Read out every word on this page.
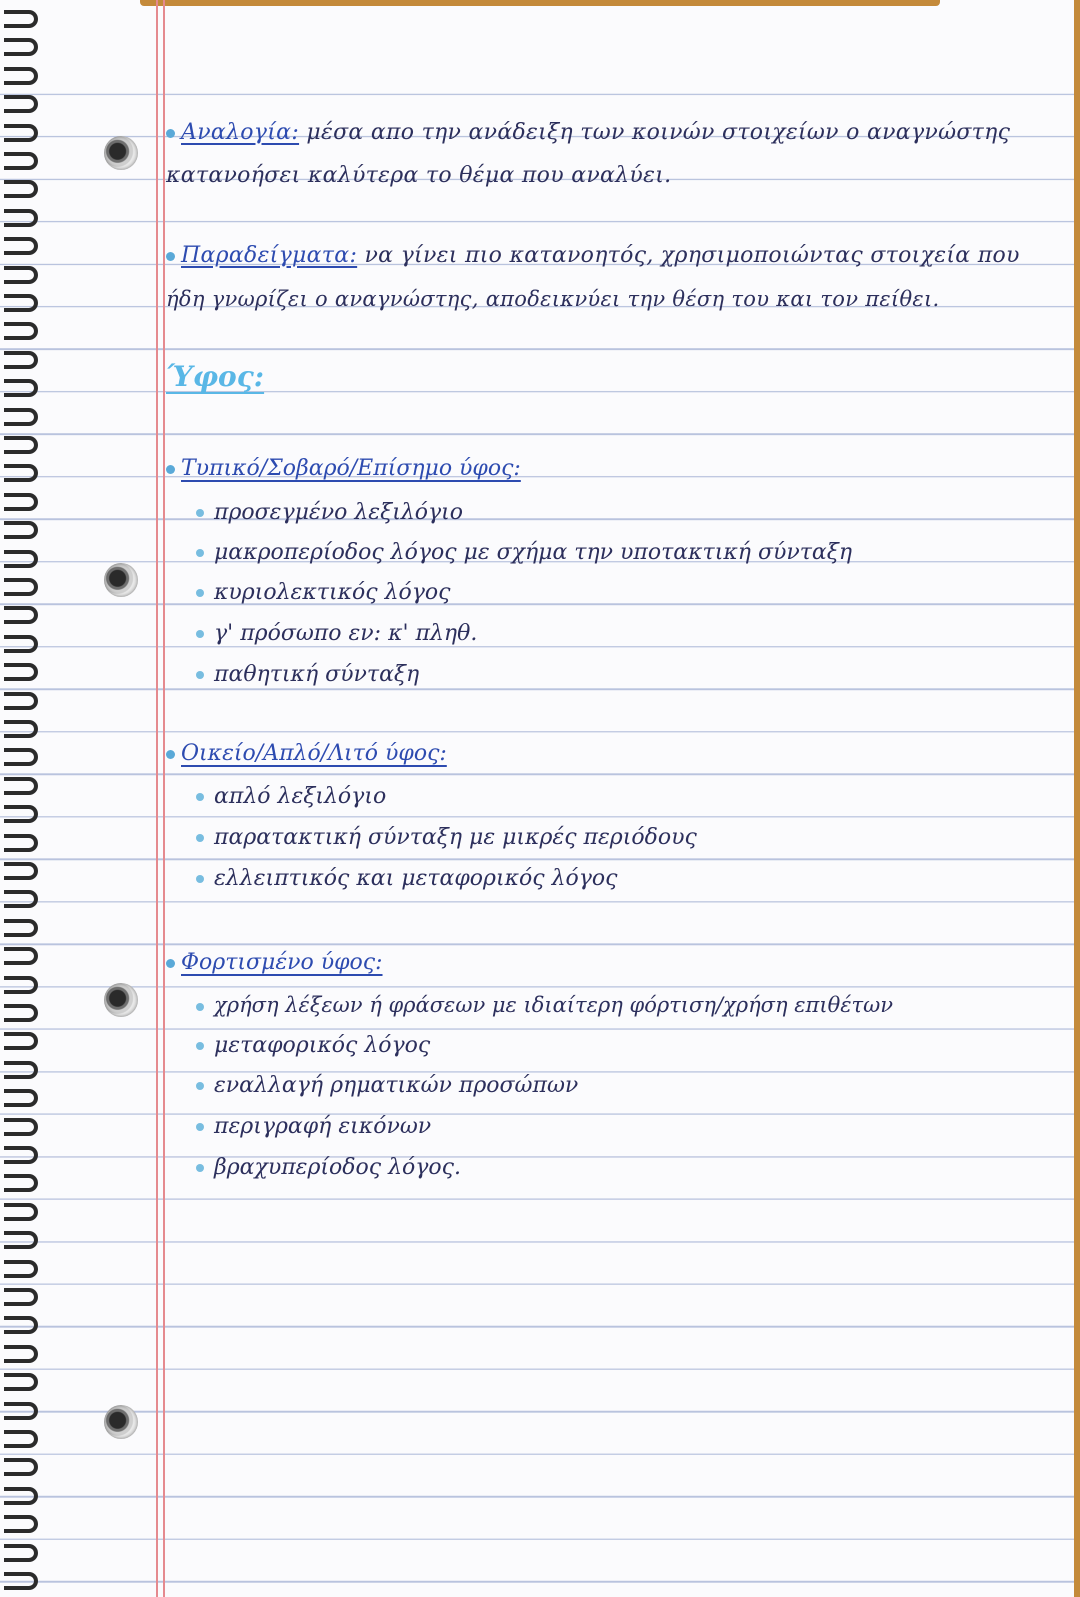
Αναλογία: μέσα απο την ανάδειξη των κοινών στοιχείων ο αναγνώστης
κατανοήσει καλύτερα το θέμα που αναλύει.
Παραδείγματα: να γίνει πιο κατανοητός, χρησιμοποιώντας στοιχεία που
ήδη γνωρίζει ο αναγνώστης, αποδεικνύει την θέση του και τον πείθει.
Ύφος:
Τυπικό/Σοβαρό/Επίσημο ύφος:
προσεγμένο λεξιλόγιο
μακροπερίοδος λόγος με σχήμα την υποτακτική σύνταξη
κυριολεκτικός λόγος
γ' πρόσωπο εν: κ' πληθ.
παθητική σύνταξη
Οικείο/Απλό/Λιτό ύφος:
απλό λεξιλόγιο
παρατακτική σύνταξη με μικρές περιόδους
ελλειπτικός και μεταφορικός λόγος
Φορτισμένο ύφος:
χρήση λέξεων ή φράσεων με ιδιαίτερη φόρτιση/χρήση επιθέτων
μεταφορικός λόγος
εναλλαγή ρηματικών προσώπων
περιγραφή εικόνων
βραχυπερίοδος λόγος.
